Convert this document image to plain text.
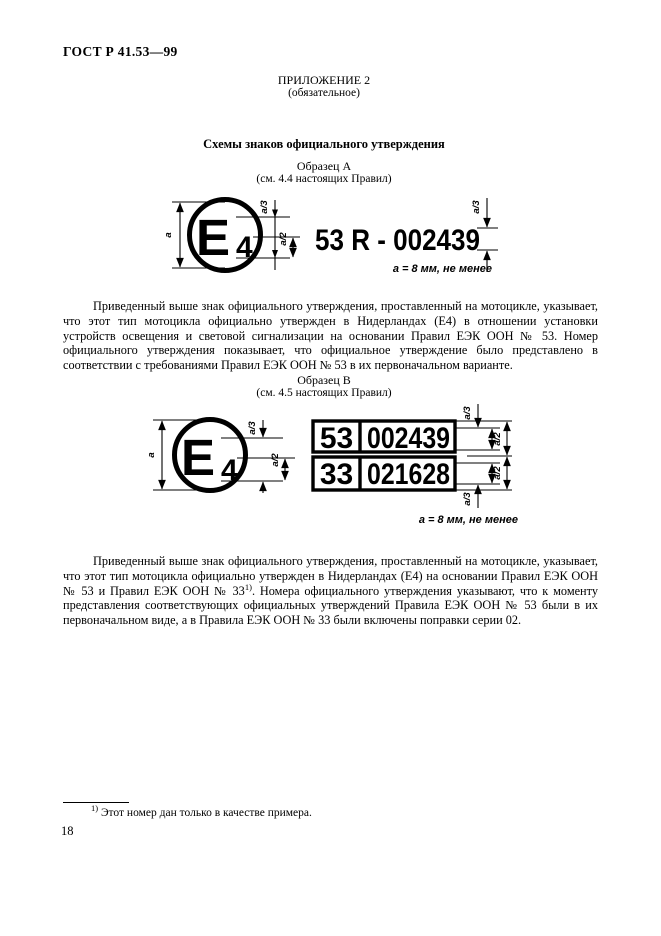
ГОСТ Р 41.53—99
ПРИЛОЖЕНИЕ 2
(обязательное)
Схемы знаков официального утверждения
Образец А
(см. 4.4 настоящих Правил)
a E 4
a/3
a/2 53 R - 002439
a/3
a = 8 мм, не менее

Приведенный выше знак официального утверждения, проставленный на мотоцикле, указывает, что этот тип мотоцикла официально утвержден в Нидерландах (Е4) в отношении установки устройств освещения и световой сигнализации на основании Правил ЕЭК ООН № 53. Номер официального утверждения показывает, что официальное утверждение было представлено в соответствии с требованиями Правил ЕЭК ООН № 53 в их первоначальном варианте.

Образец В
(см. 4.5 настоящих Правил)
a E 4
a/3
a/2
53 002439
33 021628
a/3
a/2
a/2
a/3
a = 8 мм, не менее

Приведенный выше знак официального утверждения, проставленный на мотоцикле, указывает, что этот тип мотоцикла официально утвержден в Нидерландах (Е4) на основании Правил ЕЭК ООН № 53 и Правил ЕЭК ООН № 33$^{1)}$. Номера официального утверждения указывают, что к моменту представления соответствующих официальных утверждений Правила ЕЭК ООН № 53 были в их первоначальном виде, а в Правила ЕЭК ООН № 33 были включены поправки серии 02.

$^{1)}$ Этот номер дан только в качестве примера.
18
